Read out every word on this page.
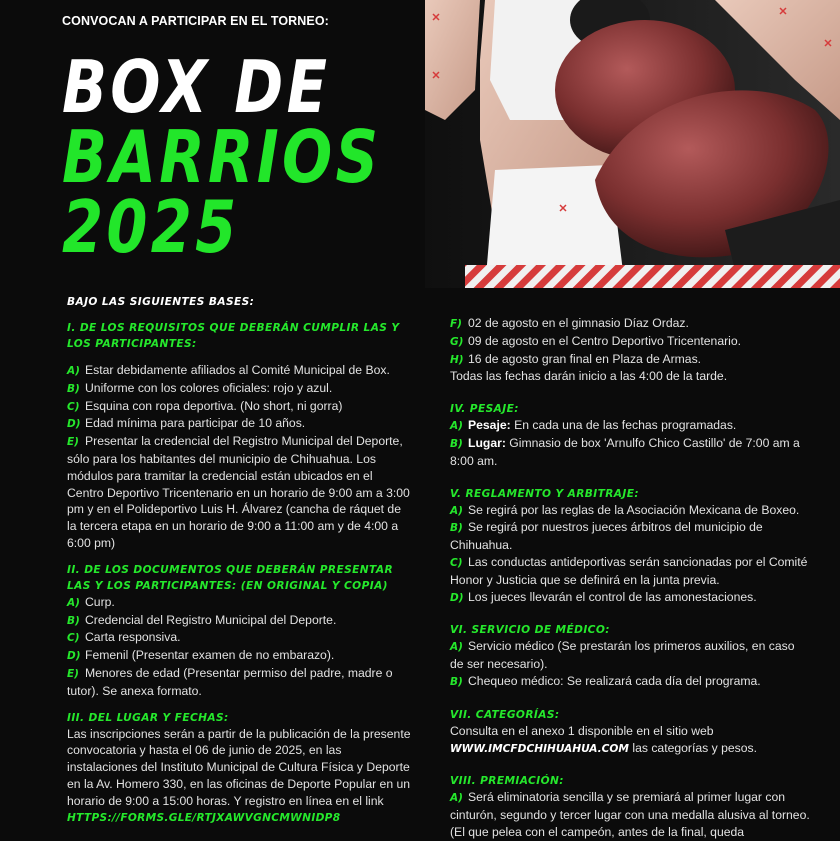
CONVOCAN A PARTICIPAR EN EL TORNEO:
BOX DE
BARRIOS
2025
BAJO LAS SIGUIENTES BASES:
I. DE LOS REQUISITOS QUE DEBERÁN CUMPLIR LAS Y LOS PARTICIPANTES:

A) Estar debidamente afiliados al Comité Municipal de Box.

B) Uniforme con los colores oficiales: rojo y azul.

C) Esquina con ropa deportiva. (No short, ni gorra)

D) Edad mínima para participar de 10 años.

E) Presentar la credencial del Registro Municipal del Deporte, sólo para los habitantes del municipio de Chihuahua. Los módulos para tramitar la credencial están ubicados en el Centro Deportivo Tricentenario en un horario de 9:00 am a 3:00 pm y en el Polideportivo Luis H. Álvarez (cancha de ráquet de la tercera etapa en un horario de 9:00 a 11:00 am y de 4:00 a 6:00 pm)

II. DE LOS DOCUMENTOS QUE DEBERÁN PRESENTAR LAS Y LOS PARTICIPANTES: (EN ORIGINAL Y COPIA)

A) Curp.

B) Credencial del Registro Municipal del Deporte.

C) Carta responsiva.

D) Femenil (Presentar examen de no embarazo).

E) Menores de edad (Presentar permiso del padre, madre o tutor). Se anexa formato.

III. DEL LUGAR Y FECHAS:

Las inscripciones serán a partir de la publicación de la presente convocatoria y hasta el 06 de junio de 2025, en las instalaciones del Instituto Municipal de Cultura Física y Deporte en la Av. Homero 330, en las oficinas de Deporte Popular en un horario de 9:00 a 15:00 horas. Y registro en línea en el link

HTTPS://FORMS.GLE/RTJXAWVGNCMWNIDP8

F) 02 de agosto en el gimnasio Díaz Ordaz.

G) 09 de agosto en el Centro Deportivo Tricentenario.

H) 16 de agosto gran final en Plaza de Armas.

Todas las fechas darán inicio a las 4:00 de la tarde.

IV. PESAJE:

A) Pesaje: En cada una de las fechas programadas.

B) Lugar: Gimnasio de box 'Arnulfo Chico Castillo' de 7:00 am a 8:00 am.

V. REGLAMENTO Y ARBITRAJE:

A) Se regirá por las reglas de la Asociación Mexicana de Boxeo.

B) Se regirá por nuestros jueces árbitros del municipio de Chihuahua.

C) Las conductas antideportivas serán sancionadas por el Comité Honor y Justicia que se definirá en la junta previa.

D) Los jueces llevarán el control de las amonestaciones.

VI. SERVICIO DE MÉDICO:

A) Servicio médico (Se prestarán los primeros auxilios, en caso de ser necesario).

B) Chequeo médico: Se realizará cada día del programa.

VII. CATEGORÍAS:

Consulta en el anexo 1 disponible en el sitio web

WWW.IMCFDCHIHUAHUA.COM las categorías y pesos.

VIII. PREMIACIÓN:

A) Será eliminatoria sencilla y se premiará al primer lugar con cinturón, segundo y tercer lugar con una medalla alusiva al torneo. (El que pelea con el campeón, antes de la final, queda
